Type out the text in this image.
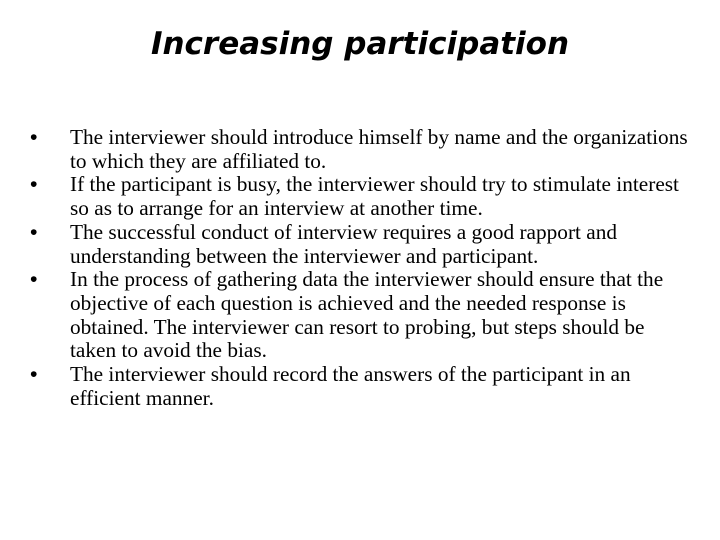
Increasing participation
•	The interviewer should introduce himself by name and the organizations to which they are affiliated to.
•	If the participant is busy, the interviewer should try to stimulate interest so as to arrange for an interview at another time.
•	The successful conduct of interview requires a good rapport and understanding between the interviewer and participant.
•	In the process of gathering data the interviewer should ensure that the objective of each question is achieved and the needed response is obtained. The interviewer can resort to probing, but steps should be taken to avoid the bias.
•	The interviewer should record the answers of the participant in an efficient manner.
